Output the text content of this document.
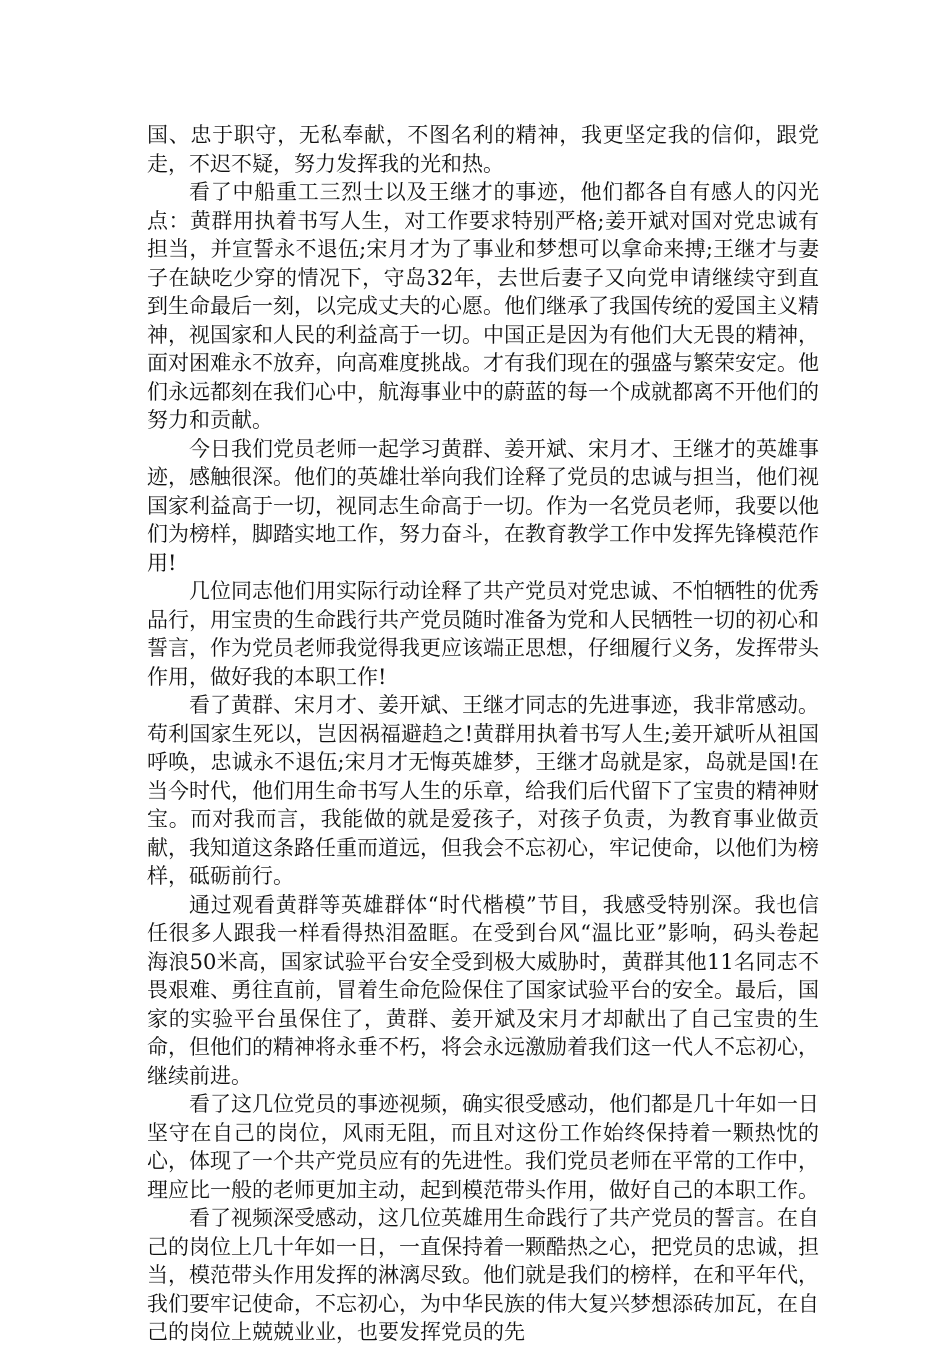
国、忠于职守，无私奉献，不图名利的精神，我更坚定我的信仰，跟党走，不迟不疑，努力发挥我的光和热。

看了中船重工三烈士以及王继才的事迹，他们都各自有感人的闪光点：黄群用执着书写人生，对工作要求特别严格;姜开斌对国对党忠诚有担当，并宣誓永不退伍;宋月才为了事业和梦想可以拿命来搏;王继才与妻子在缺吃少穿的情况下，守岛32年，去世后妻子又向党申请继续守到直到生命最后一刻，以完成丈夫的心愿。他们继承了我国传统的爱国主义精神，视国家和人民的利益高于一切。中国正是因为有他们大无畏的精神，面对困难永不放弃，向高难度挑战。才有我们现在的强盛与繁荣安定。他们永远都刻在我们心中，航海事业中的蔚蓝的每一个成就都离不开他们的努力和贡献。

今日我们党员老师一起学习黄群、姜开斌、宋月才、王继才的英雄事迹，感触很深。他们的英雄壮举向我们诠释了党员的忠诚与担当，他们视国家利益高于一切，视同志生命高于一切。作为一名党员老师，我要以他们为榜样，脚踏实地工作，努力奋斗，在教育教学工作中发挥先锋模范作用!

几位同志他们用实际行动诠释了共产党员对党忠诚、不怕牺牲的优秀品行，用宝贵的生命践行共产党员随时准备为党和人民牺牲一切的初心和誓言，作为党员老师我觉得我更应该端正思想，仔细履行义务，发挥带头作用，做好我的本职工作!

看了黄群、宋月才、姜开斌、王继才同志的先进事迹，我非常感动。苟利国家生死以，岂因祸福避趋之!黄群用执着书写人生;姜开斌听从祖国呼唤，忠诚永不退伍;宋月才无悔英雄梦，王继才岛就是家，岛就是国!在当今时代，他们用生命书写人生的乐章，给我们后代留下了宝贵的精神财宝。而对我而言，我能做的就是爱孩子，对孩子负责，为教育事业做贡献，我知道这条路任重而道远，但我会不忘初心，牢记使命，以他们为榜样，砥砺前行。

通过观看黄群等英雄群体“时代楷模”节目，我感受特别深。我也信任很多人跟我一样看得热泪盈眶。在受到台风“温比亚”影响，码头卷起海浪50米高，国家试验平台安全受到极大威胁时，黄群其他11名同志不畏艰难、勇往直前，冒着生命危险保住了国家试验平台的安全。最后，国家的实验平台虽保住了，黄群、姜开斌及宋月才却献出了自己宝贵的生命，但他们的精神将永垂不朽，将会永远激励着我们这一代人不忘初心，继续前进。

看了这几位党员的事迹视频，确实很受感动，他们都是几十年如一日坚守在自己的岗位，风雨无阻，而且对这份工作始终保持着一颗热忱的心，体现了一个共产党员应有的先进性。我们党员老师在平常的工作中，理应比一般的老师更加主动，起到模范带头作用，做好自己的本职工作。

看了视频深受感动，这几位英雄用生命践行了共产党员的誓言。在自己的岗位上几十年如一日，一直保持着一颗酷热之心，把党员的忠诚，担当，模范带头作用发挥的淋漓尽致。他们就是我们的榜样，在和平年代，我们要牢记使命，不忘初心，为中华民族的伟大复兴梦想添砖加瓦，在自己的岗位上兢兢业业，也要发挥党员的先
